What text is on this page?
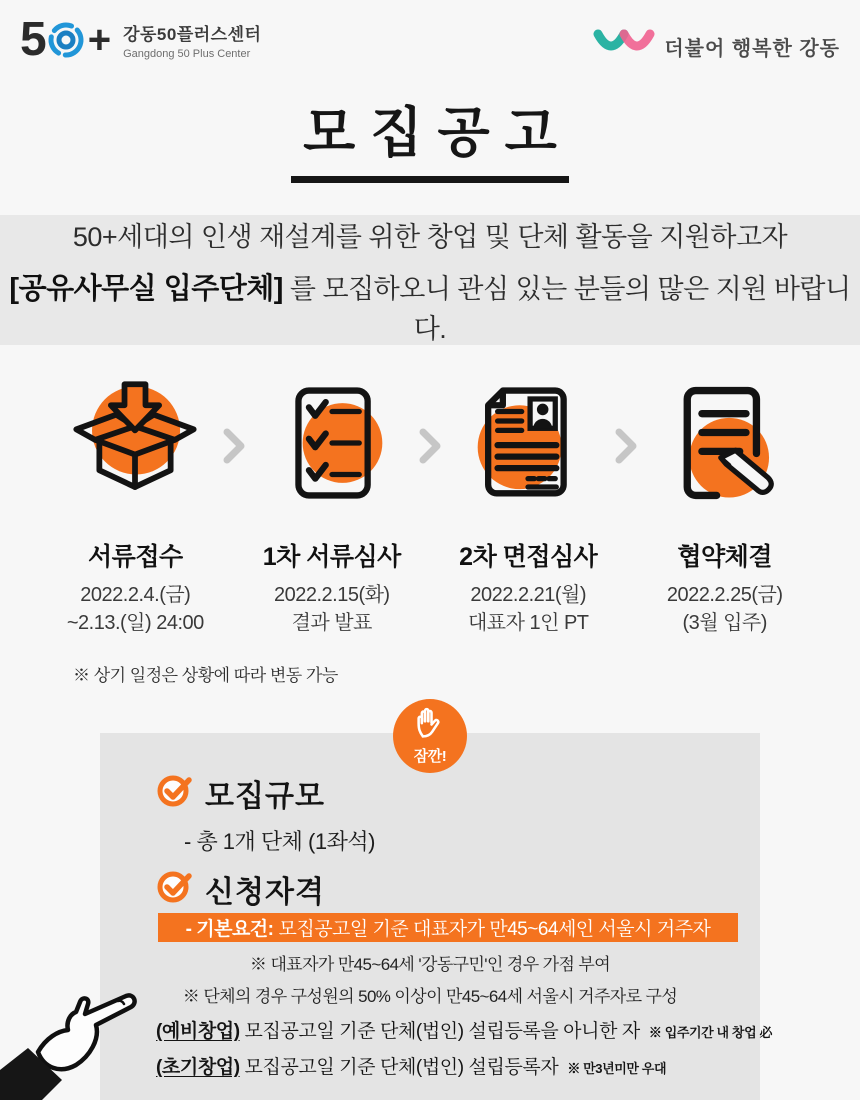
5 + 강동50플러스센터
Gangdong 50 Plus Center	더불어 행복한 강동
모집공고
50+세대의 인생 재설계를 위한 창업 및 단체 활동을 지원하고자
[공유사무실 입주단체] 를 모집하오니 관심 있는 분들의 많은 지원 바랍니다.
서류접수
2022.2.4.(금)
~2.13.(일) 24:00
1차 서류심사
2022.2.15(화)
결과 발표
2차 면접심사
2022.2.21(월)
대표자 1인 PT
협약체결
2022.2.25(금)
(3월 입주)
※ 상기 일정은 상황에 따라 변동 가능
잠깐!
모집규모
- 총 1개 단체 (1좌석)
신청자격
- 기본요건: 모집공고일 기준 대표자가 만45~64세인 서울시 거주자
※ 대표자가 만45~64세 '강동구민'인 경우 가점 부여
※ 단체의 경우 구성원의 50% 이상이 만45~64세 서울시 거주자로 구성
(예비창업) 모집공고일 기준 단체(법인) 설립등록을 아니한 자 ※ 입주기간 내 창업 必
(초기창업) 모집공고일 기준 단체(법인) 설립등록자 ※ 만3년미만 우대
